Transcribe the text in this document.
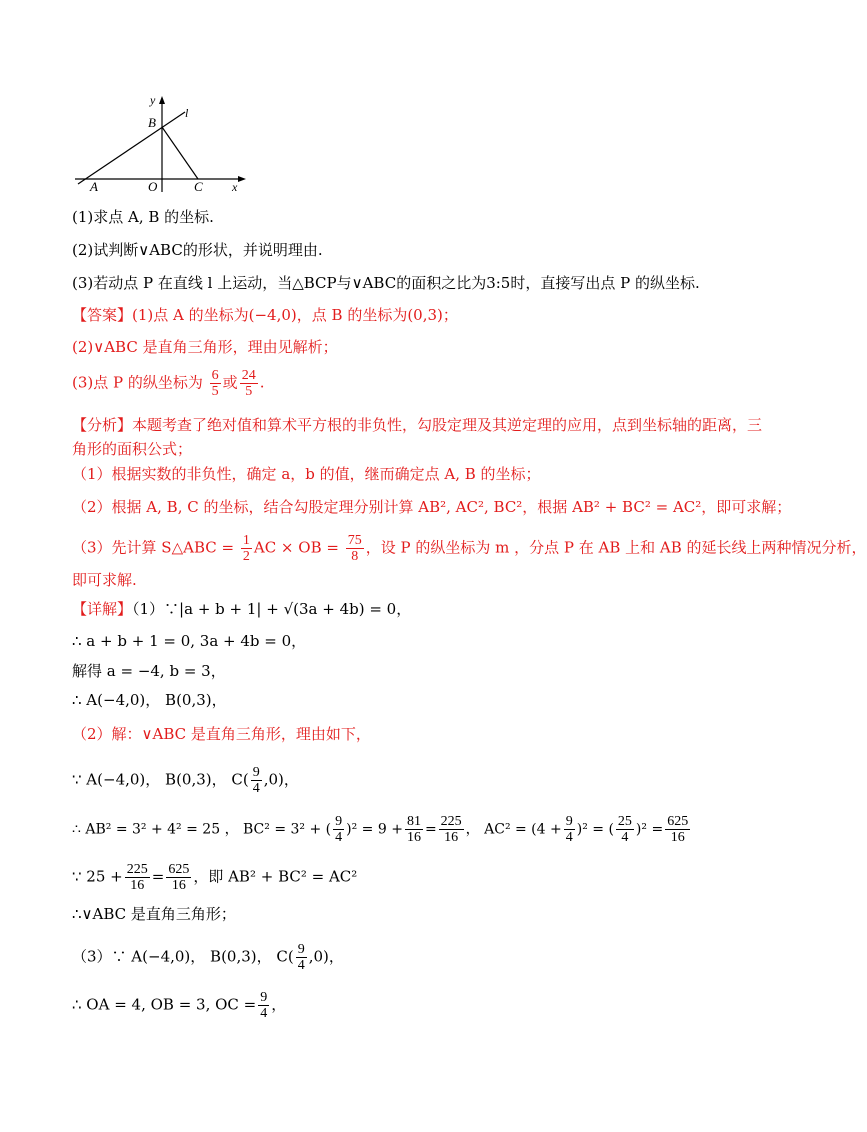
y
l
B
A	O	C x
(1)求点 A, B 的坐标.
(2)试判断∨ABC的形状，并说明理由.
(3)若动点 P 在直线 l 上运动，当△BCP与∨ABC的面积之比为3:5时，直接写出点 P 的纵坐标.
【答案】(1)点 A 的坐标为(−4,0)，点 B 的坐标为(0,3)；
(2)∨ABC 是直角三角形，理由见解析；
(3)点 P 的纵坐标为 $\frac{6}{5}$ 或 $\frac{24}{5}$ .
【分析】本题考查了绝对值和算术平方根的非负性，勾股定理及其逆定理的应用，点到坐标轴的距离，三
角形的面积公式；
（1）根据实数的非负性，确定 a，b 的值，继而确定点 A, B 的坐标；
（2）根据 A, B, C 的坐标，结合勾股定理分别计算 AB², AC², BC²，根据 AB² + BC² = AC²，即可求解；
（3）先计算 S△ABC = $\frac{1}{2}$ AC × OB = $\frac{75}{8}$ ，设 P 的纵坐标为 m ，分点 P 在 AB 上和 AB 的延长线上两种情况分析，
即可求解.
【详解】（1）∵|a + b + 1| + √(3a + 4b) = 0，
∴ a + b + 1 = 0, 3a + 4b = 0，
解得 a = −4, b = 3，
∴ A(−4,0)， B(0,3)，
（2）解：∨ABC 是直角三角形，理由如下，
∵ A(−4,0)， B(0,3)， $C( \frac{9}{4} ,0)$，
∴ AB² = 3² + 4² = 25 ， BC² = 3² + ( $\frac{9}{4} )^2 = 9 + \frac{81}{16} = \frac{225}{16}$ ， $AC^2 = (4 + \frac{9}{4} )^2$ = ( $\frac{25}{4} )^2 = \frac{625}{16}$
∵ $25 + \frac{225}{16} = \frac{625}{16}$ ，即 AB² + BC² = AC²
∴∨ABC 是直角三角形；
（3）∵ A(−4,0)， B(0,3)， $C( \frac{9}{4} ,0)$，
∴ OA = 4, OB = 3, OC = $\frac{9}{4}$ ，
